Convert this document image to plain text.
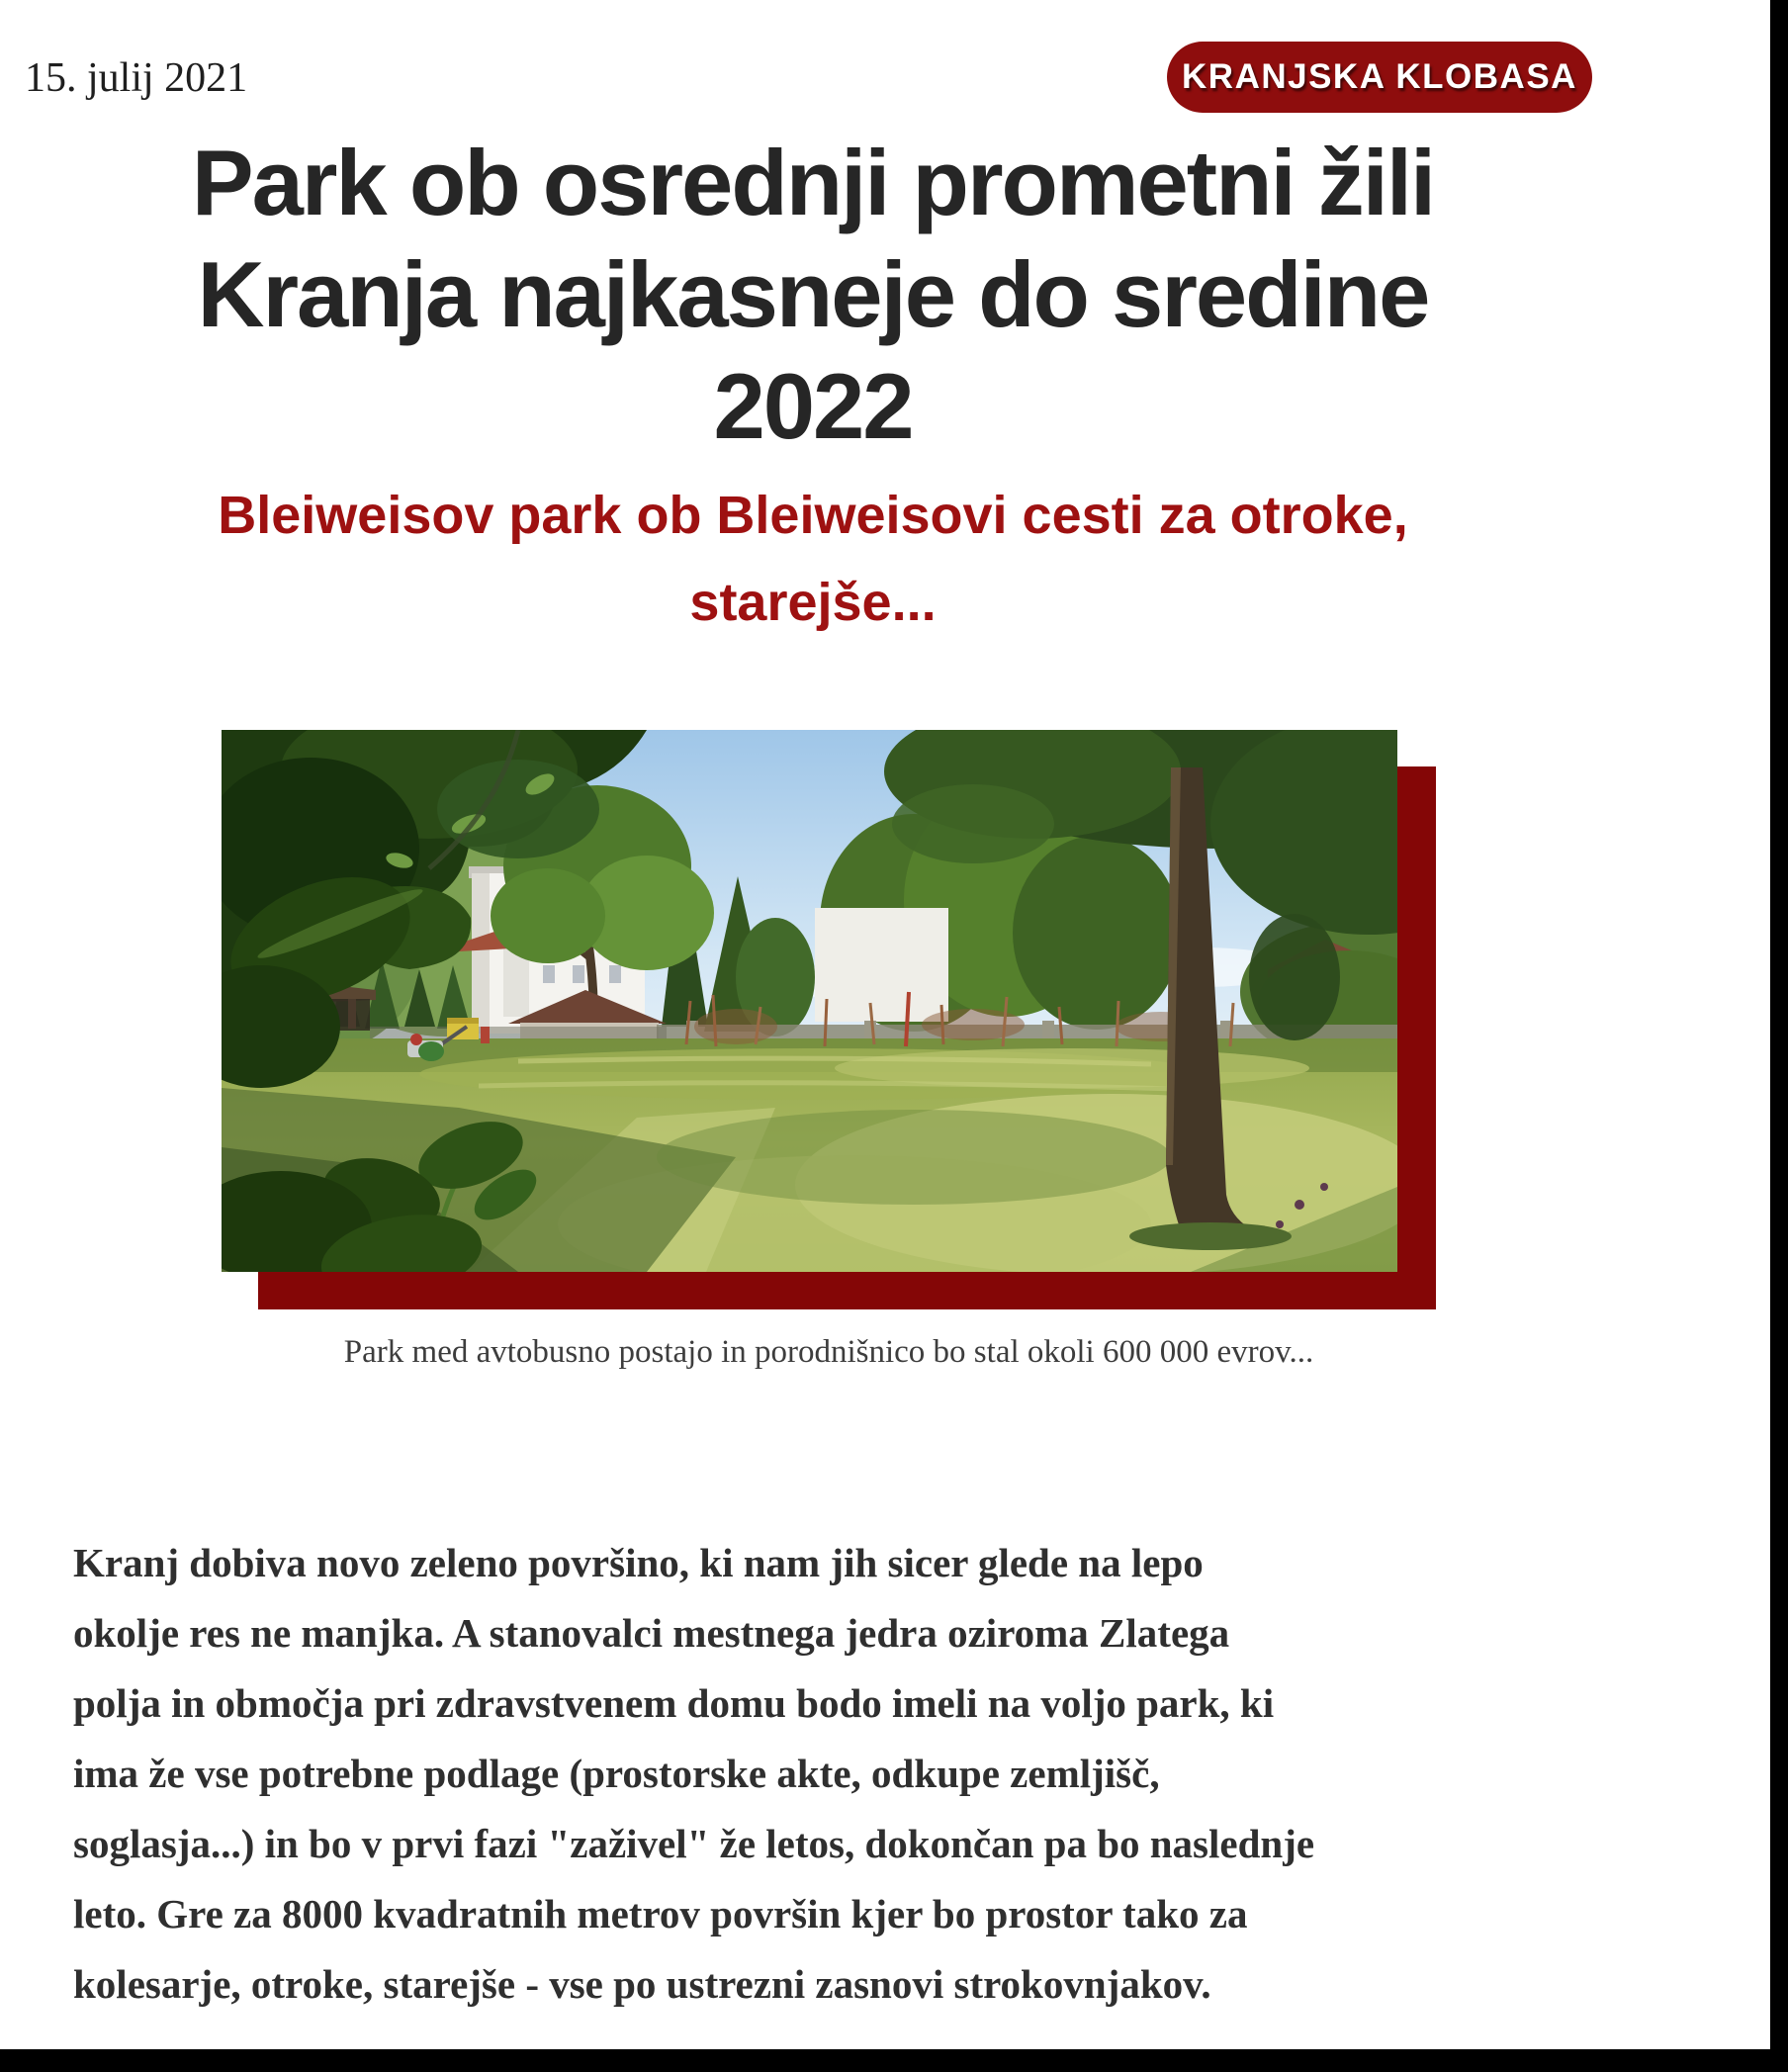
15. julij 2021	KRANJSKA KLOBASA
Park ob osrednji prometni žili
Kranja najkasneje do sredine
2022
Bleiweisov park ob Bleiweisovi cesti za otroke,
starejše...
Park med avtobusno postajo in porodnišnico bo stal okoli 600 000 evrov...
Kranj dobiva novo zeleno površino, ki nam jih sicer glede na lepo
okolje res ne manjka. A stanovalci mestnega jedra oziroma Zlatega
polja in območja pri zdravstvenem domu bodo imeli na voljo park, ki
ima že vse potrebne podlage (prostorske akte, odkupe zemljišč,
soglasja...) in bo v prvi fazi "zaživel" že letos, dokončan pa bo naslednje
leto. Gre za 8000 kvadratnih metrov površin kjer bo prostor tako za
kolesarje, otroke, starejše - vse po ustrezni zasnovi strokovnjakov.
